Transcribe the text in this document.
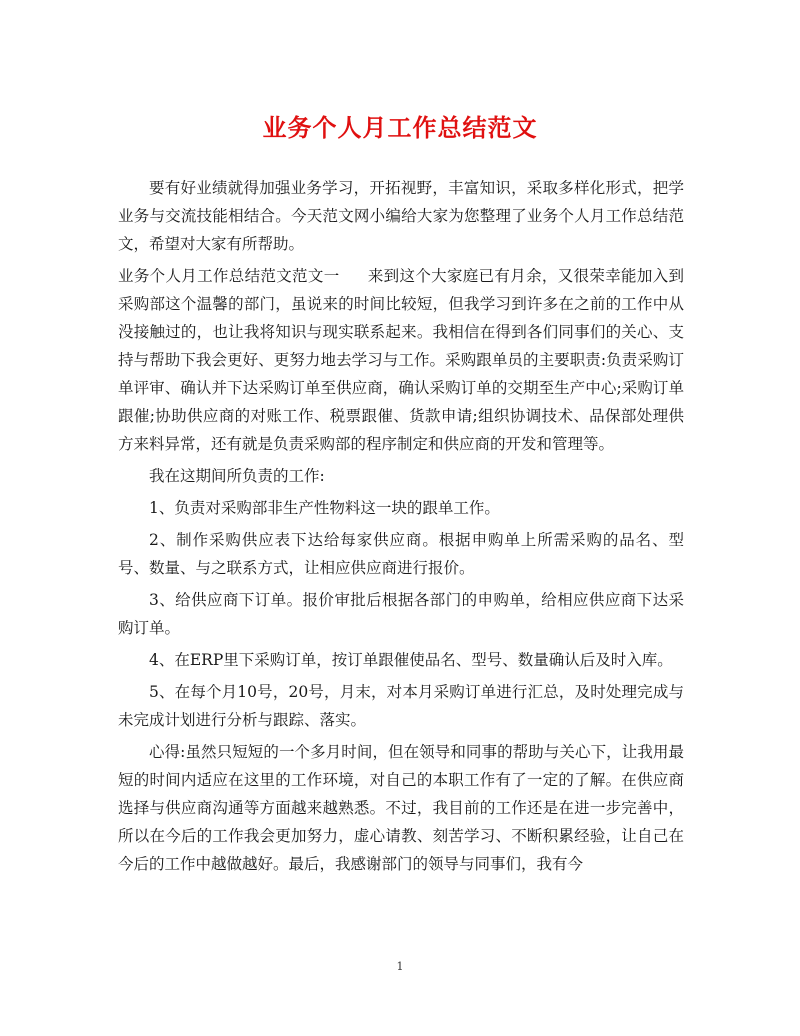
业务个人月工作总结范文

要有好业绩就得加强业务学习，开拓视野，丰富知识，采取多样化形式，把学业务与交流技能相结合。今天范文网小编给大家为您整理了业务个人月工作总结范文，希望对大家有所帮助。

业务个人月工作总结范文范文一 来到这个大家庭已有月余，又很荣幸能加入到采购部这个温馨的部门，虽说来的时间比较短，但我学习到许多在之前的工作中从没接触过的，也让我将知识与现实联系起来。我相信在得到各们同事们的关心、支持与帮助下我会更好、更努力地去学习与工作。采购跟单员的主要职责:负责采购订单评审、确认并下达采购订单至供应商，确认采购订单的交期至生产中心;采购订单跟催;协助供应商的对账工作、税票跟催、货款申请;组织协调技术、品保部处理供方来料异常，还有就是负责采购部的程序制定和供应商的开发和管理等。

我在这期间所负责的工作:

1、负责对采购部非生产性物料这一块的跟单工作。

2、制作采购供应表下达给每家供应商。根据申购单上所需采购的品名、型号、数量、与之联系方式，让相应供应商进行报价。

3、给供应商下订单。报价审批后根据各部门的申购单，给相应供应商下达采购订单。

4、在ERP里下采购订单，按订单跟催使品名、型号、数量确认后及时入库。

5、在每个月10号，20号，月末，对本月采购订单进行汇总，及时处理完成与未完成计划进行分析与跟踪、落实。

心得:虽然只短短的一个多月时间，但在领导和同事的帮助与关心下，让我用最短的时间内适应在这里的工作环境，对自己的本职工作有了一定的了解。在供应商选择与供应商沟通等方面越来越熟悉。不过，我目前的工作还是在进一步完善中，所以在今后的工作我会更加努力，虚心请教、刻苦学习、不断积累经验，让自己在今后的工作中越做越好。最后，我感谢部门的领导与同事们，我有今

1
